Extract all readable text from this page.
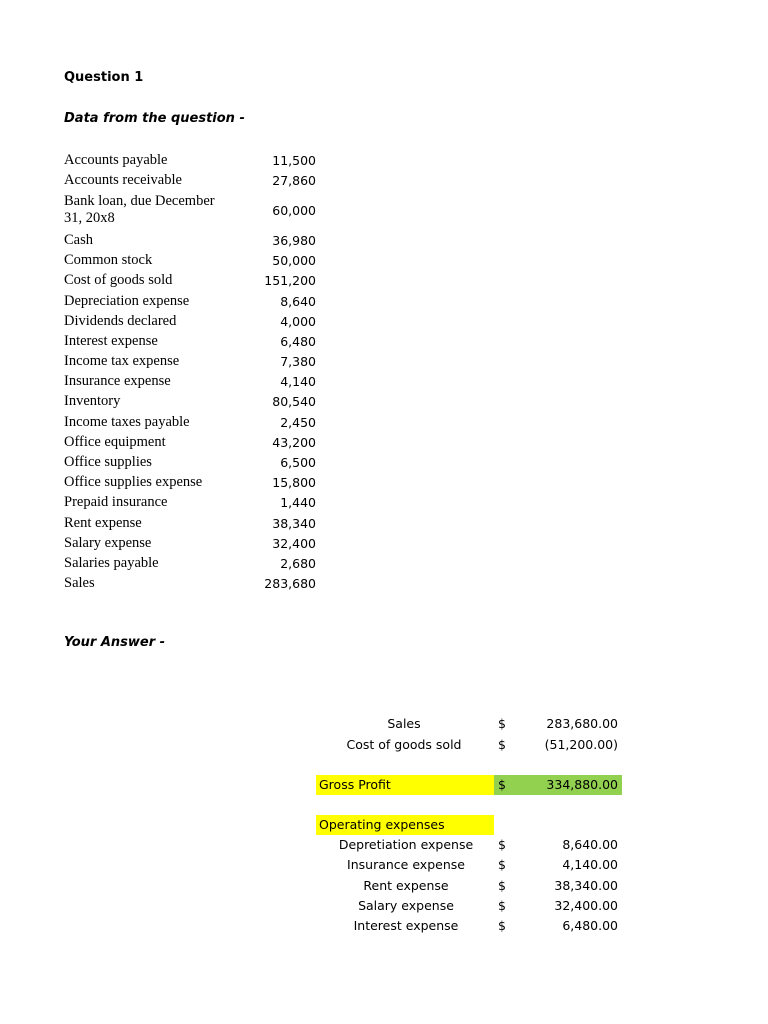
Question 1
Data from the question -
Accounts payable	11,500
Accounts receivable	27,860
Bank loan, due December 31, 20x8	60,000
Cash	36,980
Common stock	50,000
Cost of goods sold	151,200
Depreciation expense	8,640
Dividends declared	4,000
Interest expense	6,480
Income tax expense	7,380
Insurance expense	4,140
Inventory	80,540
Income taxes payable	2,450
Office equipment	43,200
Office supplies	6,500
Office supplies expense	15,800
Prepaid insurance	1,440
Rent expense	38,340
Salary expense	32,400
Salaries payable	2,680
Sales	283,680
Your Answer -
Sales	$	283,680.00
Cost of goods sold	$	(51,200.00)
Gross Profit	$	334,880.00
Operating expenses
Depretiation expense $	8,640.00
Insurance expense	$	4,140.00
Rent expense	$	38,340.00
Salary expense	$	32,400.00
Interest expense	$	6,480.00
